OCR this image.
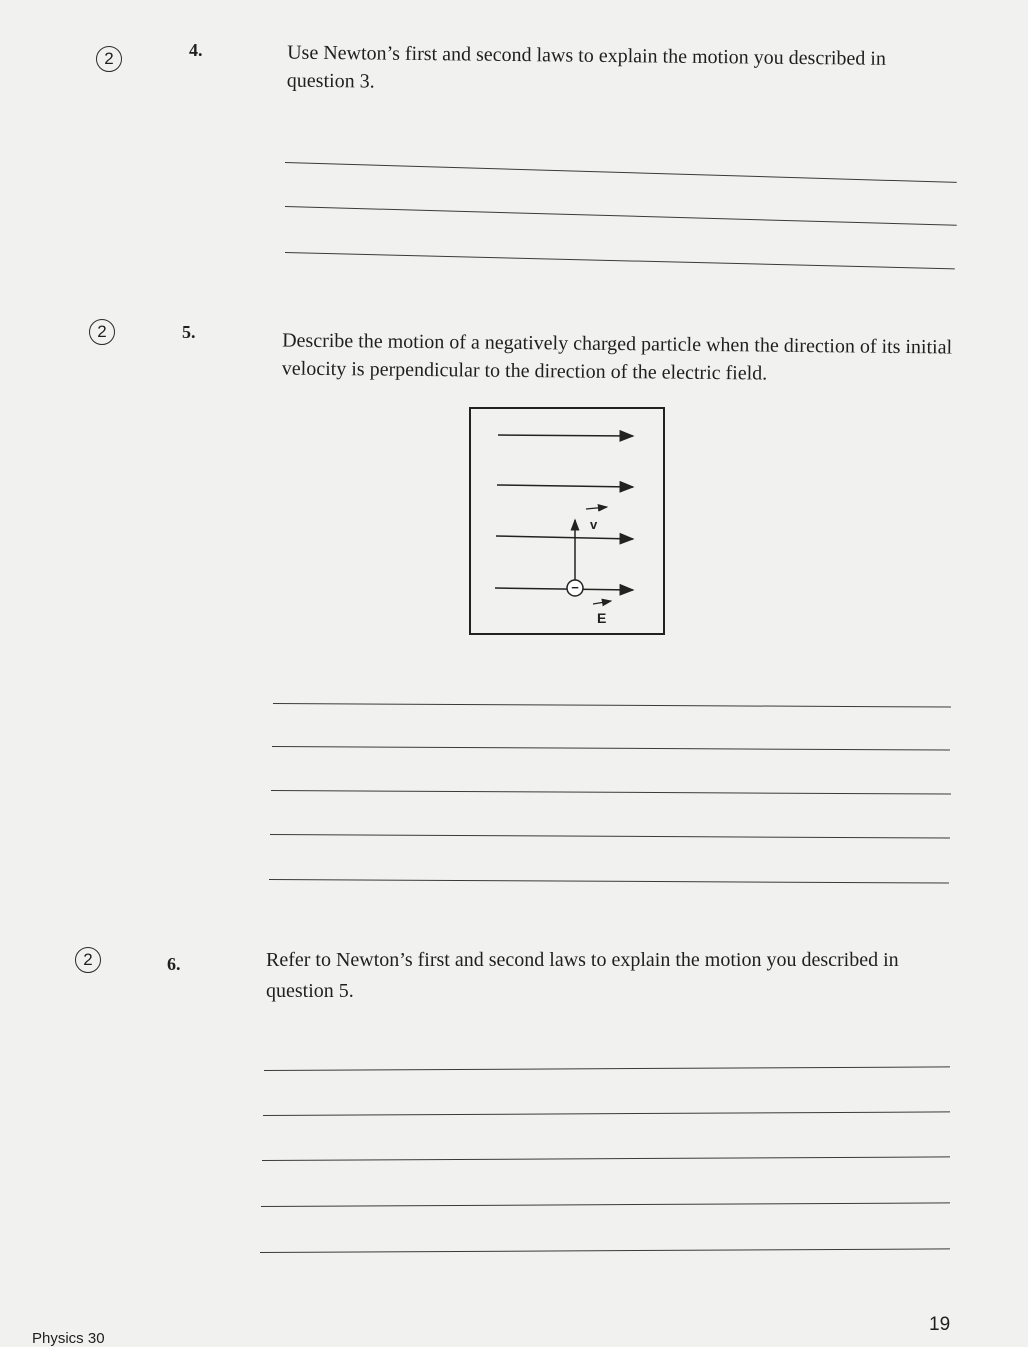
2	4.	Use Newton’s first and second laws to explain the motion you described in question 3.
2	5.	Describe the motion of a negatively charged particle when the direction of its initial velocity is perpendicular to the direction of the electric field.
−
v
E
2	6.	Refer to Newton’s first and second laws to explain the motion you described in question 5.
Physics 30
19
